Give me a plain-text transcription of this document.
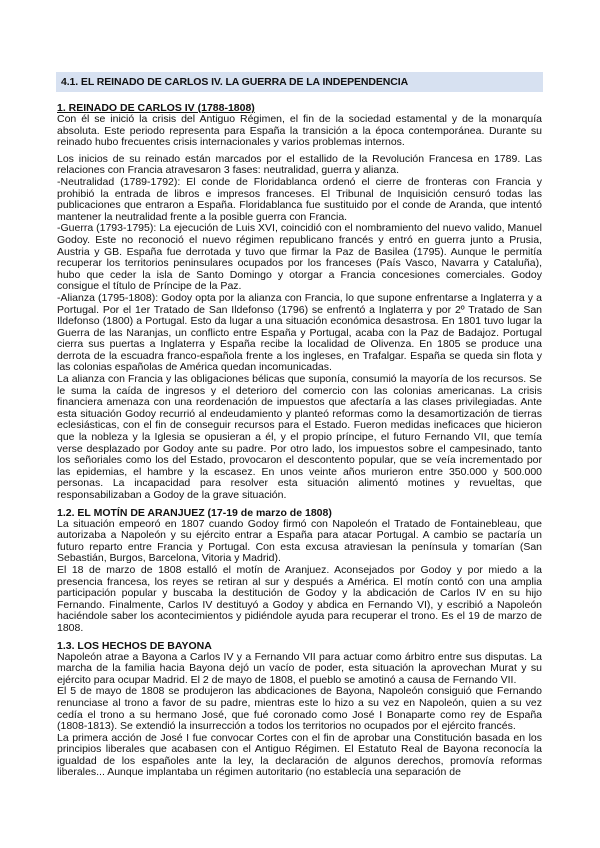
4.1. EL REINADO DE CARLOS IV. LA GUERRA DE LA INDEPENDENCIA
1. REINADO DE CARLOS IV (1788-1808)

Con él se inició la crisis del Antiguo Régimen, el fin de la sociedad estamental y de la monarquía absoluta. Este periodo representa para España la transición a la época contemporánea. Durante su reinado hubo frecuentes crisis internacionales y varios problemas internos.

Los inicios de su reinado están marcados por el estallido de la Revolución Francesa en 1789. Las relaciones con Francia atravesaron 3 fases: neutralidad, guerra y alianza.

-Neutralidad (1789-1792): El conde de Floridablanca ordenó el cierre de fronteras con Francia y prohibió la entrada de libros e impresos franceses. El Tribunal de Inquisición censuró todas las publicaciones que entraron a España. Floridablanca fue sustituido por el conde de Aranda, que intentó mantener la neutralidad frente a la posible guerra con Francia.

-Guerra (1793-1795): La ejecución de Luis XVI, coincidió con el nombramiento del nuevo valido, Manuel Godoy. Este no reconoció el nuevo régimen republicano francés y entró en guerra junto a Prusia, Austria y GB. España fue derrotada y tuvo que firmar la Paz de Basilea (1795). Aunque le permitía recuperar los territorios peninsulares ocupados por los franceses (País Vasco, Navarra y Cataluña), hubo que ceder la isla de Santo Domingo y otorgar a Francia concesiones comerciales. Godoy consigue el título de Príncipe de la Paz.

-Alianza (1795-1808): Godoy opta por la alianza con Francia, lo que supone enfrentarse a Inglaterra y a Portugal. Por el 1er Tratado de San Ildefonso (1796) se enfrentó a Inglaterra y por 2º Tratado de San Ildefonso (1800) a Portugal. Esto da lugar a una situación económica desastrosa. En 1801 tuvo lugar la Guerra de las Naranjas, un conflicto entre España y Portugal, acaba con la Paz de Badajoz. Portugal cierra sus puertas a Inglaterra y España recibe la localidad de Olivenza. En 1805 se produce una derrota de la escuadra franco-española frente a los ingleses, en Trafalgar. España se queda sin flota y las colonias españolas de América quedan incomunicadas.

La alianza con Francia y las obligaciones bélicas que suponía, consumió la mayoría de los recursos. Se le suma la caída de ingresos y el deterioro del comercio con las colonias americanas. La crisis financiera amenaza con una reordenación de impuestos que afectaría a las clases privilegiadas. Ante esta situación Godoy recurrió al endeudamiento y planteó reformas como la desamortización de tierras eclesiásticas, con el fin de conseguir recursos para el Estado. Fueron medidas ineficaces que hicieron que la nobleza y la Iglesia se opusieran a él, y el propio príncipe, el futuro Fernando VII, que temía verse desplazado por Godoy ante su padre. Por otro lado, los impuestos sobre el campesinado, tanto los señoriales como los del Estado, provocaron el descontento popular, que se veía incrementado por las epidemias, el hambre y la escasez. En unos veinte años murieron entre 350.000 y 500.000 personas. La incapacidad para resolver esta situación alimentó motines y revueltas, que responsabilizaban a Godoy de la grave situación.

1.2. EL MOTÍN DE ARANJUEZ (17-19 de marzo de 1808)

La situación empeoró en 1807 cuando Godoy firmó con Napoleón el Tratado de Fontainebleau, que autorizaba a Napoleón y su ejército entrar a España para atacar Portugal. A cambio se pactaría un futuro reparto entre Francia y Portugal. Con esta excusa atraviesan la península y tomarían (San Sebastián, Burgos, Barcelona, Vitoria y Madrid).

El 18 de marzo de 1808 estalló el motín de Aranjuez. Aconsejados por Godoy y por miedo a la presencia francesa, los reyes se retiran al sur y después a América. El motín contó con una amplia participación popular y buscaba la destitución de Godoy y la abdicación de Carlos IV en su hijo Fernando. Finalmente, Carlos IV destituyó a Godoy y abdica en Fernando VI), y escribió a Napoleón haciéndole saber los acontecimientos y pidiéndole ayuda para recuperar el trono. Es el 19 de marzo de 1808.

1.3. LOS HECHOS DE BAYONA

Napoleón atrae a Bayona a Carlos IV y a Fernando VII para actuar como árbitro entre sus disputas. La marcha de la familia hacia Bayona dejó un vacío de poder, esta situación la aprovechan Murat y su ejército para ocupar Madrid. El 2 de mayo de 1808, el pueblo se amotinó a causa de Fernando VII.

El 5 de mayo de 1808 se produjeron las abdicaciones de Bayona, Napoleón consiguió que Fernando renunciase al trono a favor de su padre, mientras este lo hizo a su vez en Napoleón, quien a su vez cedía el trono a su hermano José, que fué coronado como José I Bonaparte como rey de España (1808-1813). Se extendió la insurrección a todos los territorios no ocupados por el ejército francés.

La primera acción de José I fue convocar Cortes con el fin de aprobar una Constitución basada en los principios liberales que acabasen con el Antiguo Régimen. El Estatuto Real de Bayona reconocía la igualdad de los españoles ante la ley, la declaración de algunos derechos, promovía reformas liberales... Aunque implantaba un régimen autoritario (no establecía una separación de
